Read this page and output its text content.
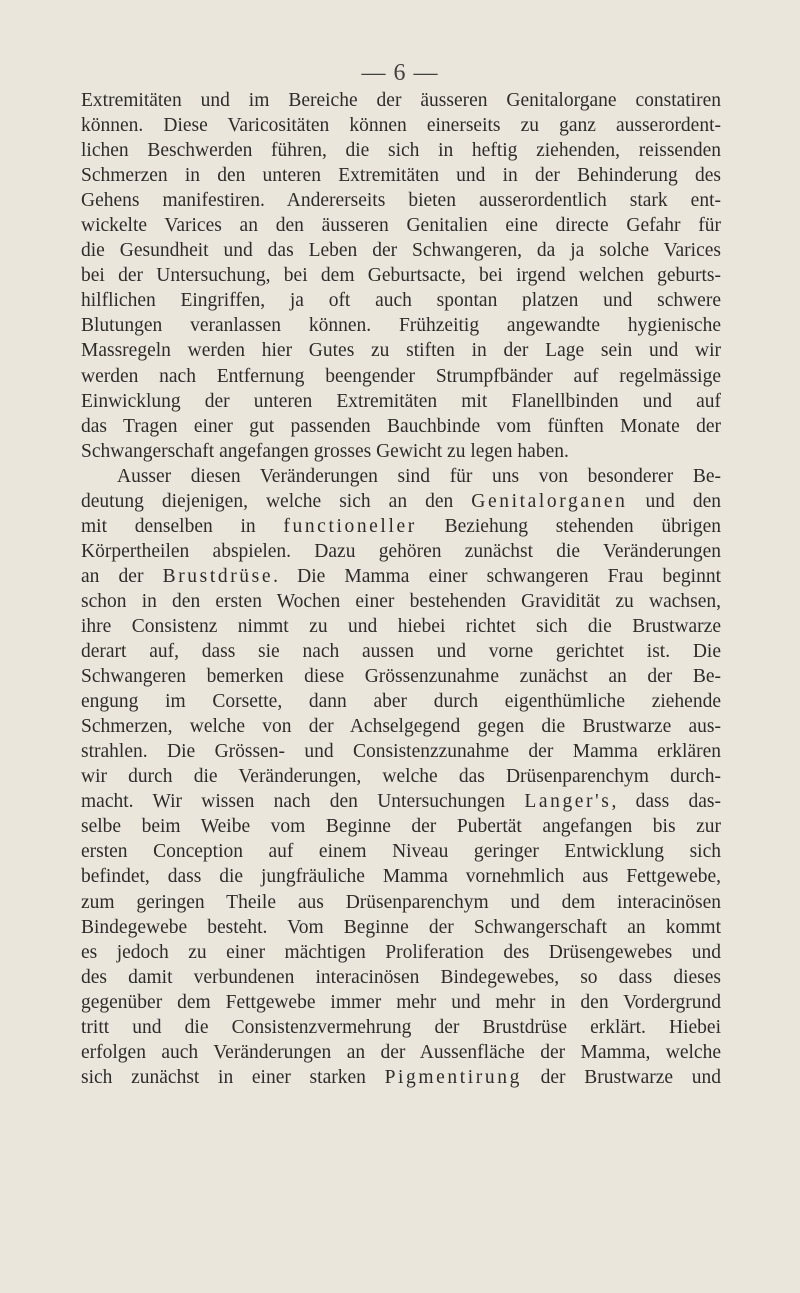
— 6 —
Extremitäten und im Bereiche der äusseren Genitalorgane constatiren
können. Diese Varicositäten können einerseits zu ganz ausserordent-
lichen Beschwerden führen, die sich in heftig ziehenden, reissenden
Schmerzen in den unteren Extremitäten und in der Behinderung des
Gehens manifestiren. Andererseits bieten ausserordentlich stark ent-
wickelte Varices an den äusseren Genitalien eine directe Gefahr für
die Gesundheit und das Leben der Schwangeren, da ja solche Varices
bei der Untersuchung, bei dem Geburtsacte, bei irgend welchen geburts-
hilflichen Eingriffen, ja oft auch spontan platzen und schwere
Blutungen veranlassen können. Frühzeitig angewandte hygienische
Massregeln werden hier Gutes zu stiften in der Lage sein und wir
werden nach Entfernung beengender Strumpfbänder auf regelmässige
Einwicklung der unteren Extremitäten mit Flanellbinden und auf
das Tragen einer gut passenden Bauchbinde vom fünften Monate der
Schwangerschaft angefangen grosses Gewicht zu legen haben.
Ausser diesen Veränderungen sind für uns von besonderer Be-
deutung diejenigen, welche sich an den Genitalorganen und den
mit denselben in functioneller Beziehung stehenden übrigen
Körpertheilen abspielen. Dazu gehören zunächst die Veränderungen
an der Brustdrüse. Die Mamma einer schwangeren Frau beginnt
schon in den ersten Wochen einer bestehenden Gravidität zu wachsen,
ihre Consistenz nimmt zu und hiebei richtet sich die Brustwarze
derart auf, dass sie nach aussen und vorne gerichtet ist. Die
Schwangeren bemerken diese Grössenzunahme zunächst an der Be-
engung im Corsette, dann aber durch eigenthümliche ziehende
Schmerzen, welche von der Achselgegend gegen die Brustwarze aus-
strahlen. Die Grössen- und Consistenzzunahme der Mamma erklären
wir durch die Veränderungen, welche das Drüsenparenchym durch-
macht. Wir wissen nach den Untersuchungen Langer's, dass das-
selbe beim Weibe vom Beginne der Pubertät angefangen bis zur
ersten Conception auf einem Niveau geringer Entwicklung sich
befindet, dass die jungfräuliche Mamma vornehmlich aus Fettgewebe,
zum geringen Theile aus Drüsenparenchym und dem interacinösen
Bindegewebe besteht. Vom Beginne der Schwangerschaft an kommt
es jedoch zu einer mächtigen Proliferation des Drüsengewebes und
des damit verbundenen interacinösen Bindegewebes, so dass dieses
gegenüber dem Fettgewebe immer mehr und mehr in den Vordergrund
tritt und die Consistenzvermehrung der Brustdrüse erklärt. Hiebei
erfolgen auch Veränderungen an der Aussenfläche der Mamma, welche
sich zunächst in einer starken Pigmentirung der Brustwarze und
